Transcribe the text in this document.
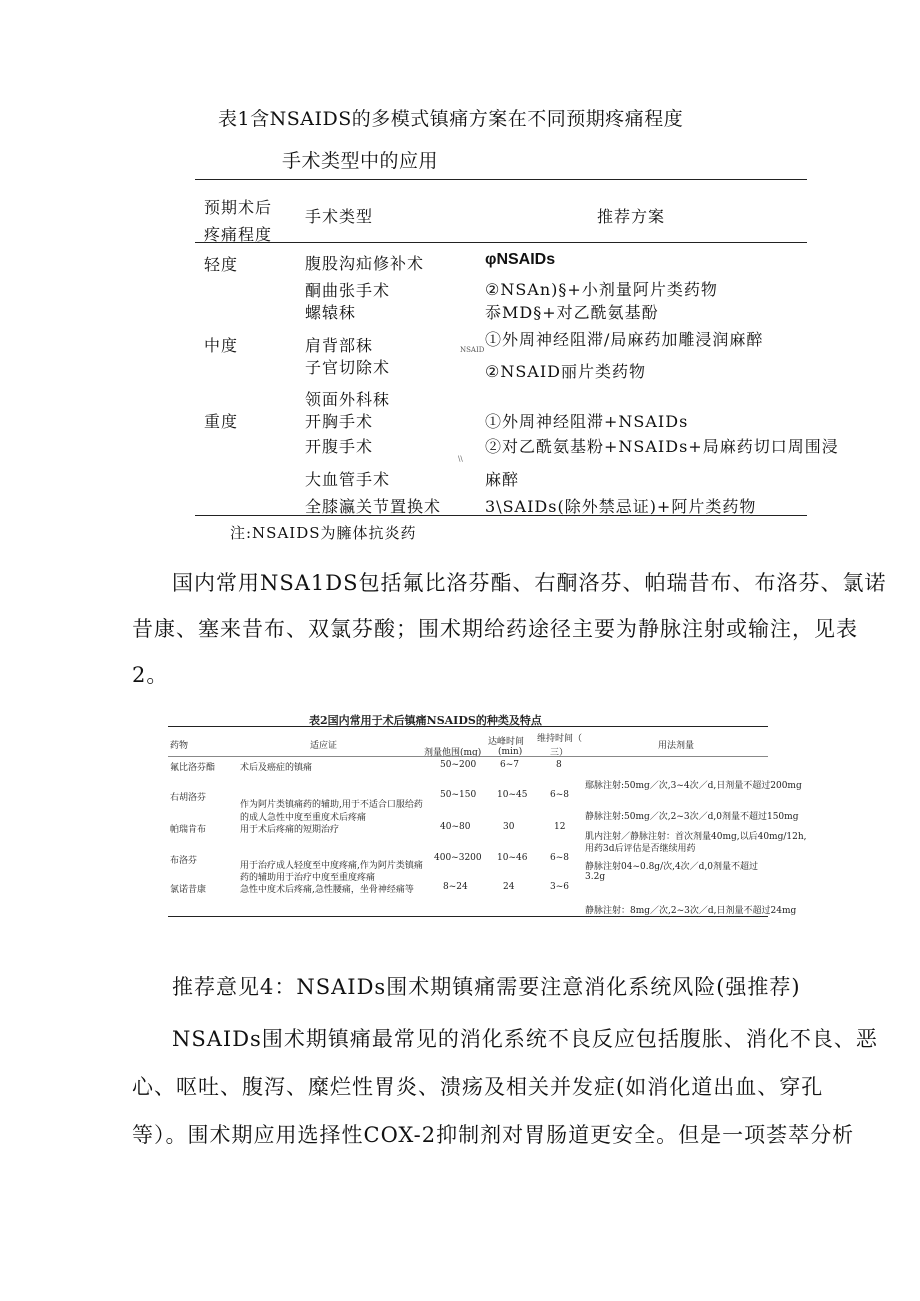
表1含NSAIDS的多模式镇痛方案在不同预期疼痛程度
手术类型中的应用
预期术后
疼痛程度
手术类型	推荐方案
轻度
中度
重度
腹股沟疝修补术
酮曲张手术
螺辕秣
肩背部秣
子官切除术
领面外科秣
开胸手术
开腹手术
大血管手术
全膝瀛关节置换术
φNSAIDs
②NSAn)§+小剂量阿片类药物
忝MD§+对乙酰氨基酚
①外周神经阻滞/局麻药加雕浸润麻醉
NSAID
②NSAID丽片类药物
①外周神经阻滞+NSAIDs
②对乙酰氨基粉+NSAIDs+局麻药切口周围浸
\\
麻醉
3\SAIDs(除外禁忌证)+阿片类药物
注:NSAIDS为臃体抗炎药
国内常用NSA1DS包括氟比洛芬酯、右酮洛芬、帕瑞昔布、布洛芬、氯诺
昔康、塞来昔布、双氯芬酸；围术期给药途径主要为静脉注射或输注，见表
2。
表2国内常用于术后镇痛NSAIDS的种类及特点
药物	适应证
剂量他围(mg)
达峰时间
(min)
维持时间（
三）
用法剂量
氟比洛芬酯
右胡洛芬
帕瑞肯布
布洛芬
氯诺昔康
术后及癌症的镇痛
作为阿片类镇痛药的辅助,用于不适合口服给药
的成人急性中度至重度术后疼痛
用于术后疼痛的短期治疗
用于治疗成人轻度至中度疼痛,作为阿片类镇痛
药的辅助用于治疗中度至重度疼痛
急性中度术后疼痛,急性腰痛，坐骨神经痛等
50~200
50~150
40~80
400~3200
8~24
6~7
10~45
30
10~46
24
8
6~8
12
6~8
3~6
鄢脉注射:50mg／次,3~4次／d,日剂量不超过200mg
静脉注射:50mg／次,2~3次／d,0剂量不超过150mg
肌内注射／静脉注射：首次剂量40mg,以后40mg/12h,
用药3d后评估是否继续用药
静脉注射04~0.8g/次,4次／d,0剂量不超过
3.2g
静脉注射：8mg／次,2~3次／d,日剂量不超过24mg
推荐意见4：NSAIDs围术期镇痛需要注意消化系统风险(强推荐)
NSAIDs围术期镇痛最常见的消化系统不良反应包括腹胀、消化不良、恶
心、呕吐、腹泻、糜烂性胃炎、溃疡及相关并发症(如消化道出血、穿孔
等）。围术期应用选择性COX-2抑制剂对胃肠道更安全。但是一项荟萃分析
